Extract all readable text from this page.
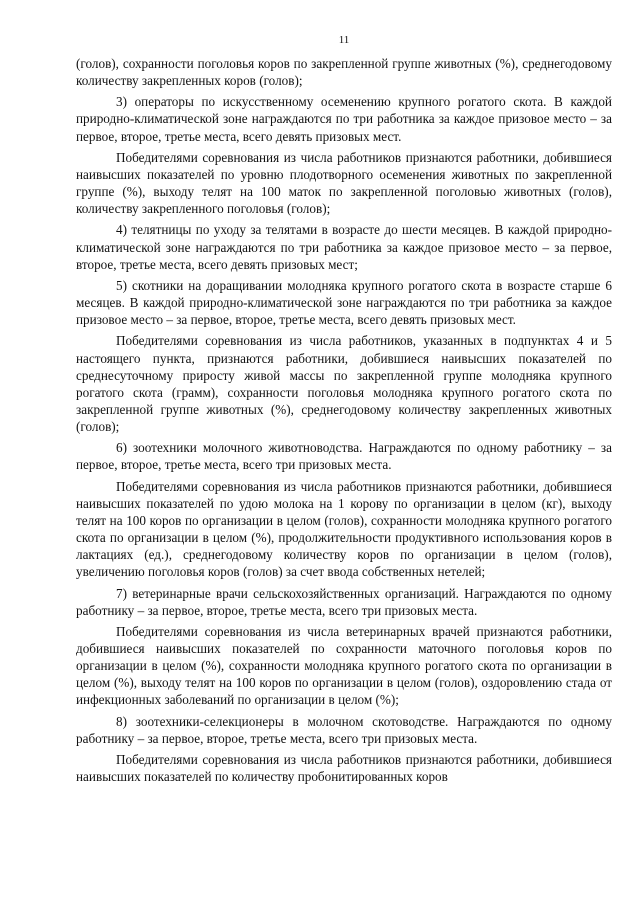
11

(голов), сохранности поголовья коров по закрепленной группе животных (%), среднегодовому количеству закрепленных коров (голов);

3) операторы по искусственному осеменению крупного рогатого скота. В каждой природно-климатической зоне награждаются по три работника за каждое призовое место – за первое, второе, третье места, всего девять призовых мест.

Победителями соревнования из числа работников признаются работники, добившиеся наивысших показателей по уровню плодотворного осеменения животных по закрепленной группе (%), выходу телят на 100 маток по закрепленной поголовью животных (голов), количеству закрепленного поголовья (голов);

4) телятницы по уходу за телятами в возрасте до шести месяцев. В каждой природно-климатической зоне награждаются по три работника за каждое призовое место – за первое, второе, третье места, всего девять призовых мест;

5) скотники на доращивании молодняка крупного рогатого скота в возрасте старше 6 месяцев. В каждой природно-климатической зоне награждаются по три работника за каждое призовое место – за первое, второе, третье места, всего девять призовых мест.

Победителями соревнования из числа работников, указанных в подпунктах 4 и 5 настоящего пункта, признаются работники, добившиеся наивысших показателей по среднесуточному приросту живой массы по закрепленной группе молодняка крупного рогатого скота (грамм), сохранности поголовья молодняка крупного рогатого скота по закрепленной группе животных (%), среднегодовому количеству закрепленных животных (голов);

6) зоотехники молочного животноводства. Награждаются по одному работнику – за первое, второе, третье места, всего три призовых места.

Победителями соревнования из числа работников признаются работники, добившиеся наивысших показателей по удою молока на 1 корову по организации в целом (кг), выходу телят на 100 коров по организации в целом (голов), сохранности молодняка крупного рогатого скота по организации в целом (%), продолжительности продуктивного использования коров в лактациях (ед.), среднегодовому количеству коров по организации в целом (голов), увеличению поголовья коров (голов) за счет ввода собственных нетелей;

7) ветеринарные врачи сельскохозяйственных организаций. Награждаются по одному работнику – за первое, второе, третье места, всего три призовых места.

Победителями соревнования из числа ветеринарных врачей признаются работники, добившиеся наивысших показателей по сохранности маточного поголовья коров по организации в целом (%), сохранности молодняка крупного рогатого скота по организации в целом (%), выходу телят на 100 коров по организации в целом (голов), оздоровлению стада от инфекционных заболеваний по организации в целом (%);

8) зоотехники-селекционеры в молочном скотоводстве. Награждаются по одному работнику – за первое, второе, третье места, всего три призовых места.

Победителями соревнования из числа работников признаются работники, добившиеся наивысших показателей по количеству пробонитированных коров
